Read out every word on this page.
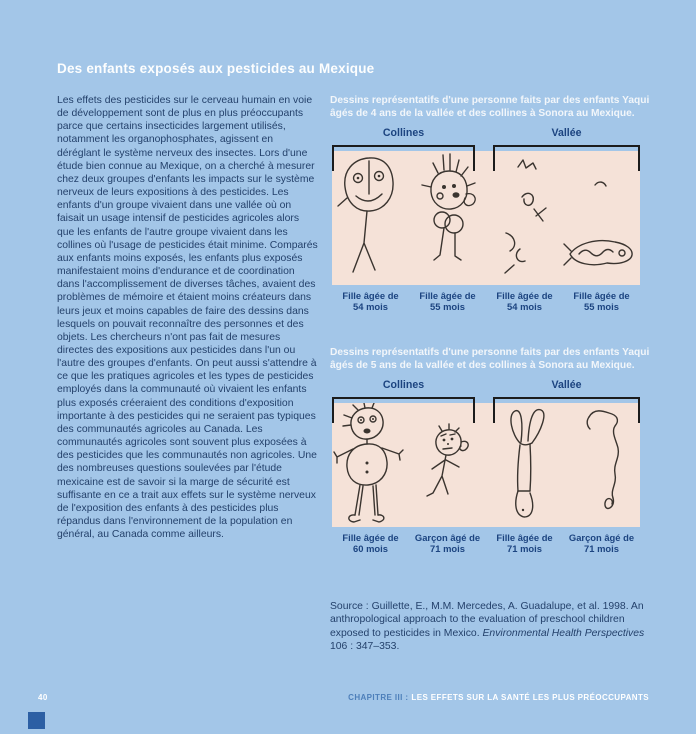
Des enfants exposés aux pesticides au Mexique
Les effets des pesticides sur le cerveau humain en voie de développement sont de plus en plus préoccupants parce que certains insecticides largement utilisés, notamment les organophosphates, agissent en déréglant le système nerveux des insectes. Lors d'une étude bien connue au Mexique, on a cherché à mesurer chez deux groupes d'enfants les impacts sur le système nerveux de leurs expositions à des pesticides. Les enfants d'un groupe vivaient dans une vallée où on faisait un usage intensif de pesticides agricoles alors que les enfants de l'autre groupe vivaient dans les collines où l'usage de pesticides était minime. Comparés aux enfants moins exposés, les enfants plus exposés manifestaient moins d'endurance et de coordination dans l'accomplissement de diverses tâches, avaient des problèmes de mémoire et étaient moins créateurs dans leurs jeux et moins capables de faire des dessins dans lesquels on pouvait reconnaître des personnes et des objets. Les chercheurs n'ont pas fait de mesures directes des expositions aux pesticides dans l'un ou l'autre des groupes d'enfants. On peut aussi s'attendre à ce que les pratiques agricoles et les types de pesticides employés dans la communauté où vivaient les enfants plus exposés créeraient des conditions d'exposition importante à des pesticides qui ne seraient pas typiques des communautés agricoles au Canada. Les communautés agricoles sont souvent plus exposées à des pesticides que les communautés non agricoles. Une des nombreuses questions soulevées par l'étude mexicaine est de savoir si la marge de sécurité est suffisante en ce a trait aux effets sur le système nerveux de l'exposition des enfants à des pesticides plus répandus dans l'environnement de la population en général, au Canada comme ailleurs.
Dessins représentatifs d'une personne faits par des enfants Yaqui
âgés de 4 ans de la vallée et des collines à Sonora au Mexique.
Collines	Vallée
Fille âgée de
54 mois
Fille âgée de
55 mois
Fille âgée de
54 mois
Fille âgée de
55 mois
Dessins représentatifs d'une personne faits par des enfants Yaqui
âgés de 5 ans de la vallée et des collines à Sonora au Mexique.
Collines	Vallée
Fille âgée de
60 mois
Garçon âgé de
71 mois
Fille âgée de
71 mois
Garçon âgé de
71 mois
Source : Guillette, E., M.M. Mercedes, A. Guadalupe, et al. 1998. An anthropological approach to the evaluation of preschool children exposed to pesticides in Mexico. Environmental Health Perspectives 106 : 347–353.
40	CHAPITRE III : LES EFFETS SUR LA SANTÉ LES PLUS PRÉOCCUPANTS
